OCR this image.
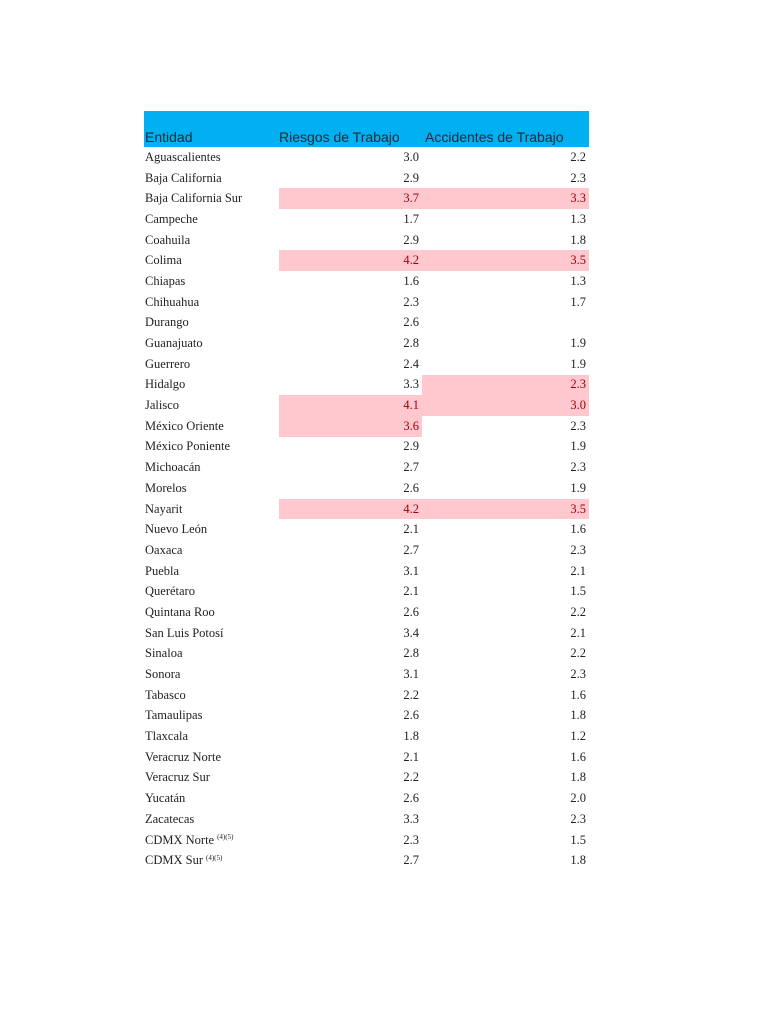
Entidad	Riesgos de Trabajo	Accidentes de Trabajo
Aguascalientes	3.0	2.2
Baja California	2.9	2.3
Baja California Sur	3.7	3.3
Campeche	1.7	1.3
Coahuila	2.9	1.8
Colima	4.2	3.5
Chiapas	1.6	1.3
Chihuahua	2.3	1.7
Durango	2.6
Guanajuato	2.8	1.9
Guerrero	2.4	1.9
Hidalgo	3.3	2.3
Jalisco	4.1	3.0
México Oriente	3.6	2.3
México Poniente	2.9	1.9
Michoacán	2.7	2.3
Morelos	2.6	1.9
Nayarit	4.2	3.5
Nuevo León	2.1	1.6
Oaxaca	2.7	2.3
Puebla	3.1	2.1
Querétaro	2.1	1.5
Quintana Roo	2.6	2.2
San Luis Potosí	3.4	2.1
Sinaloa	2.8	2.2
Sonora	3.1	2.3
Tabasco	2.2	1.6
Tamaulipas	2.6	1.8
Tlaxcala	1.8	1.2
Veracruz Norte	2.1	1.6
Veracruz Sur	2.2	1.8
Yucatán	2.6	2.0
Zacatecas	3.3	2.3
CDMX Norte $^{(4)(5)}$	2.3	1.5
CDMX Sur $^{(4)(5)}$	2.7	1.8
